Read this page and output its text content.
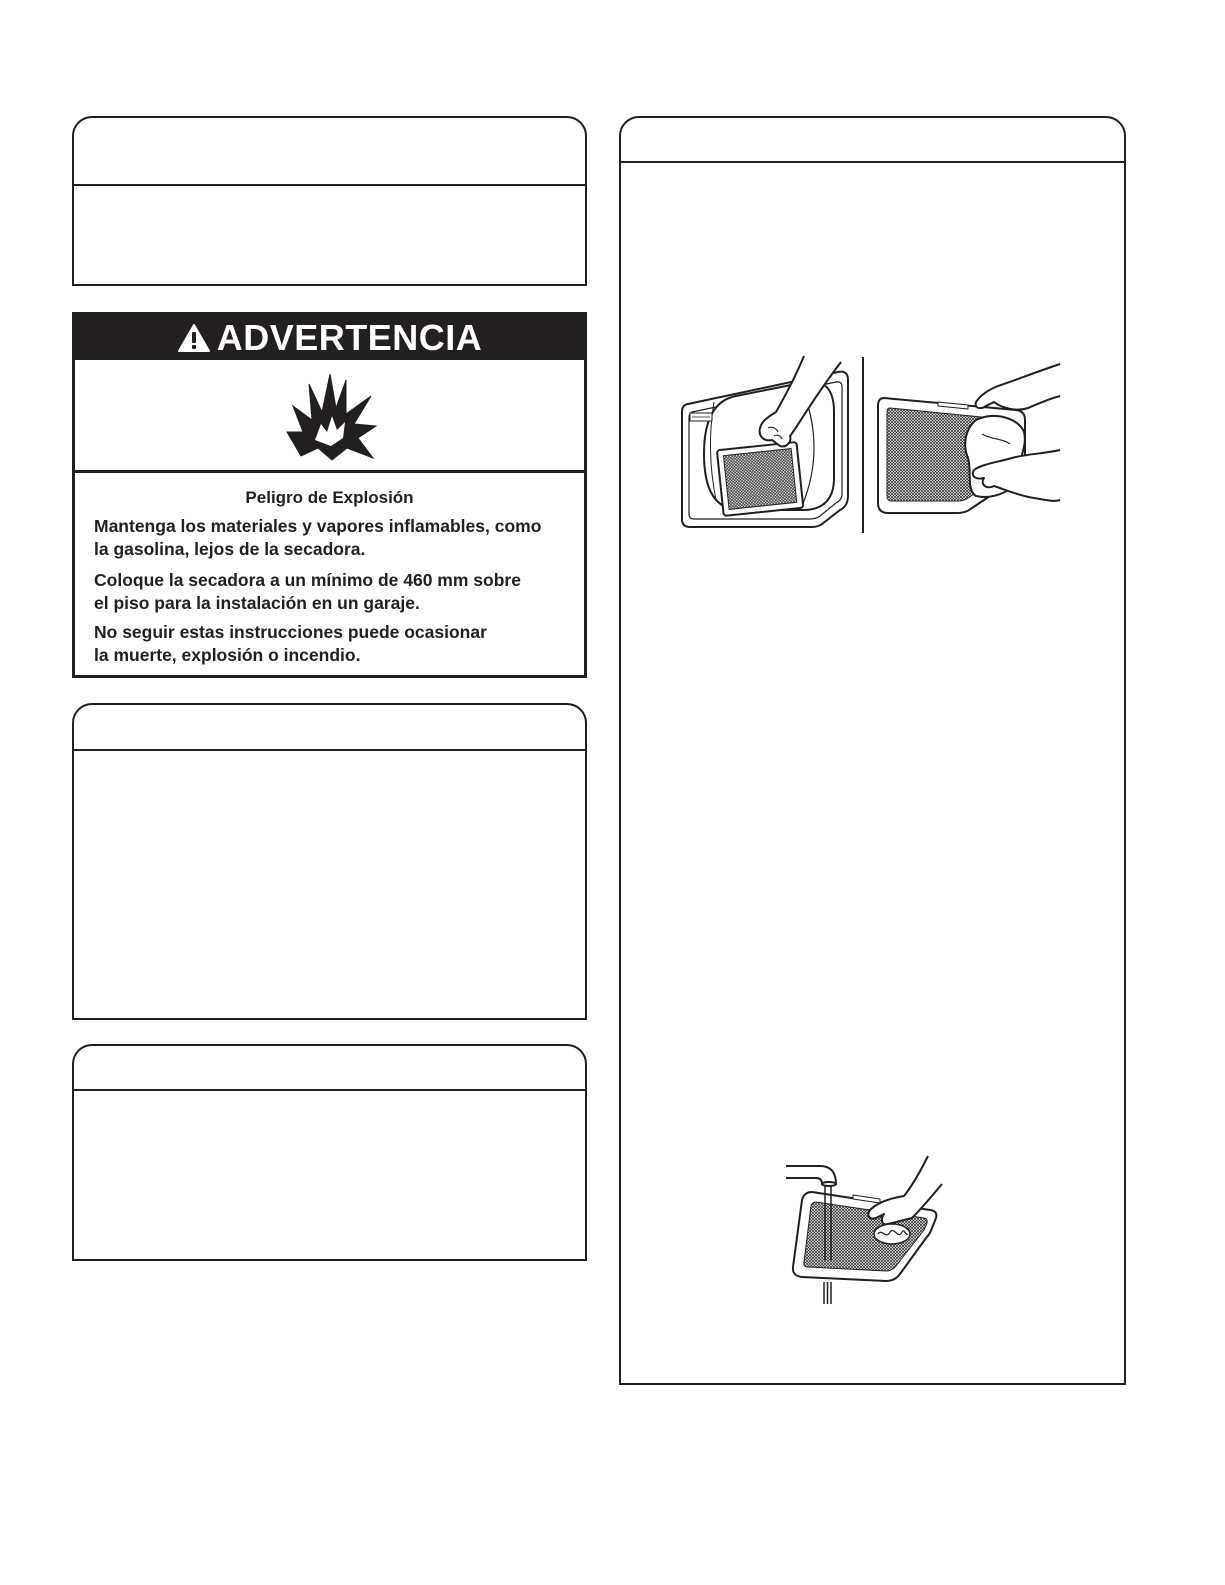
ADVERTENCIA
Peligro de Explosión
Mantenga los materiales y vapores inflamables, como
la gasolina, lejos de la secadora.
Coloque la secadora a un mínimo de 460 mm sobre
el piso para la instalación en un garaje.
No seguir estas instrucciones puede ocasionar
la muerte, explosión o incendio.
